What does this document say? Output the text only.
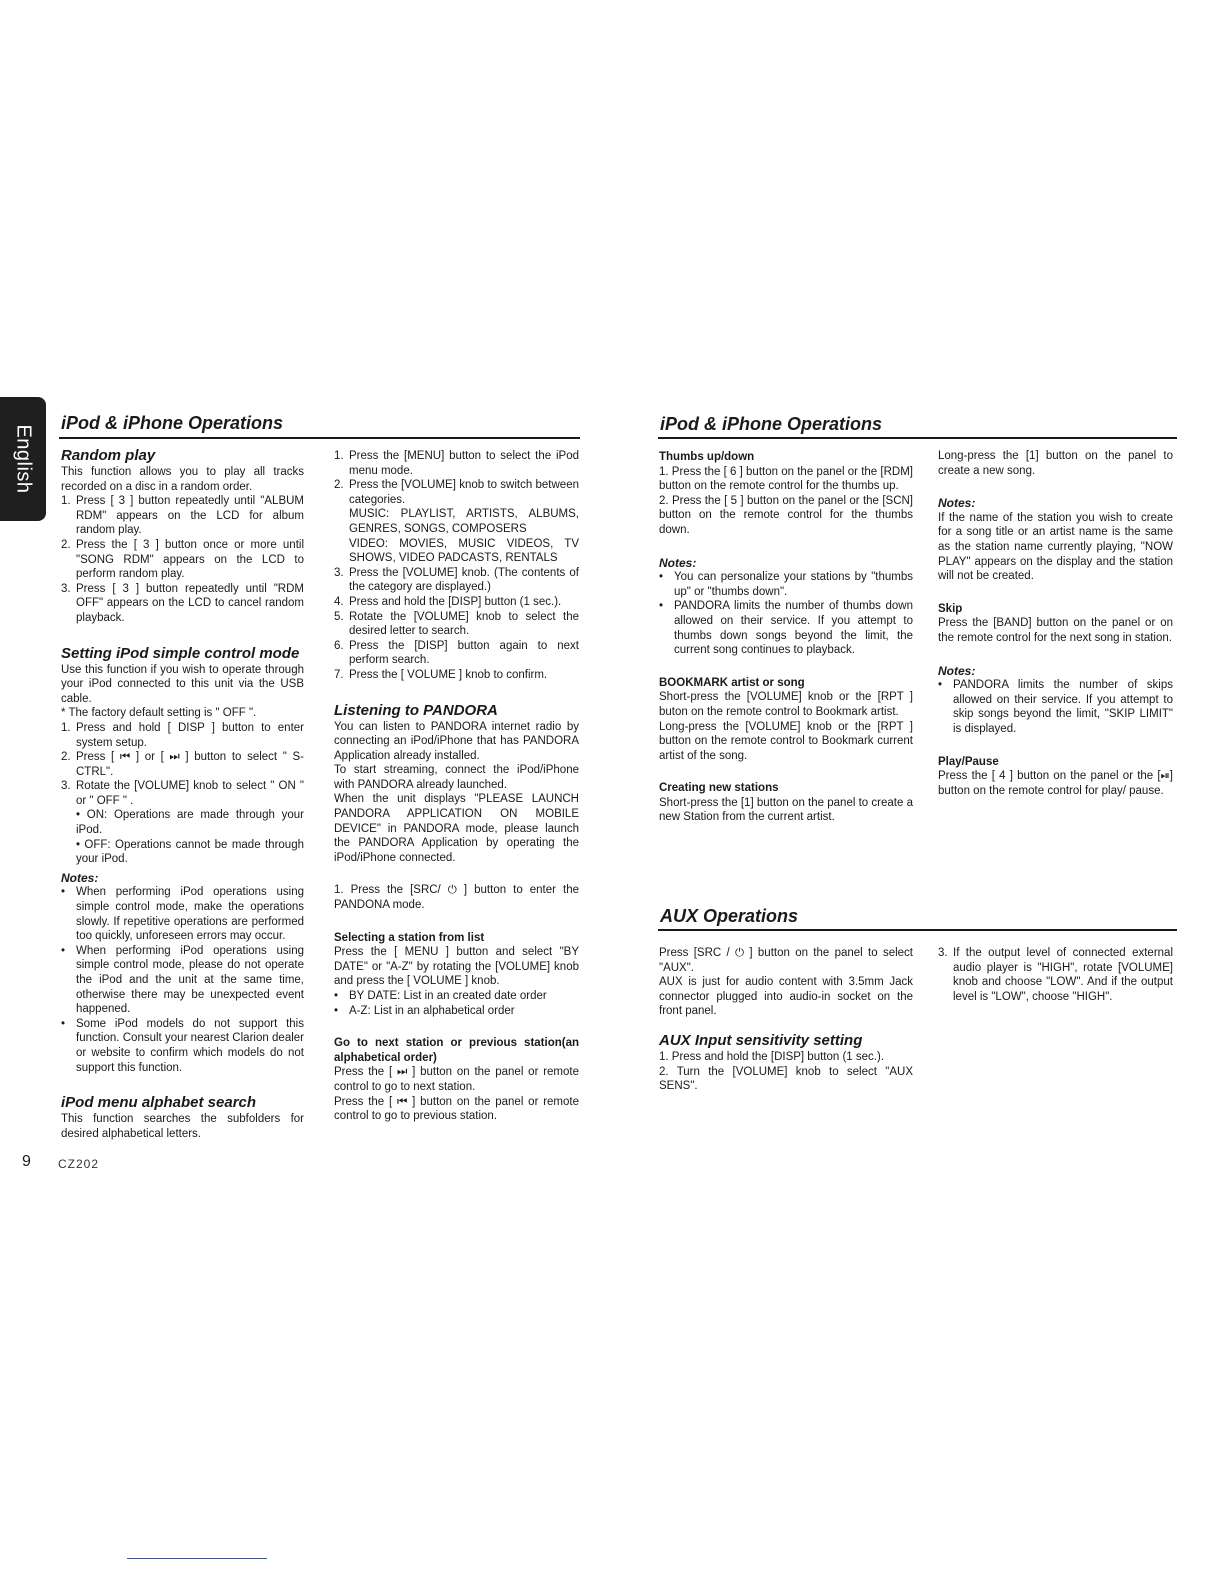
English
iPod & iPhone Operations	iPod & iPhone Operations
AUX Operations

Random play

This function allows you to play all tracks recorded on a disc in a random order.

1. Press [ 3 ] button repeatedly until "ALBUM RDM" appears on the LCD for album random play.
2. Press the [ 3 ] button once or more until "SONG RDM" appears on the LCD to perform random play.
3. Press [ 3 ] button repeatedly until "RDM OFF" appears on the LCD to cancel random playback.

Setting iPod simple control mode

Use this function if you wish to operate through your iPod connected to this unit via the USB cable.

* The factory default setting is " OFF ".

1. Press and hold [ DISP ] button to enter system setup.
2. Press [ ⏮ ] or [ ⏭ ] button to select " S-CTRL".
3. Rotate the [VOLUME] knob to select " ON " or " OFF " .

• ON: Operations are made through your iPod.

• OFF: Operations cannot be made through your iPod.

Notes:

• When performing iPod operations using simple control mode, make the operations slowly. If repetitive operations are performed too quickly, unforeseen errors may occur.
• When performing iPod operations using simple control mode, please do not operate the iPod and the unit at the same time, otherwise there may be unexpected event happened.
• Some iPod models do not support this function. Consult your nearest Clarion dealer or website to confirm which models do not support this function.

iPod menu alphabet search

This function searches the subfolders for desired alphabetical letters.

1. Press the [MENU] button to select the iPod menu mode.
2. Press the [VOLUME] knob to switch between categories.
MUSIC: PLAYLIST, ARTISTS, ALBUMS, GENRES, SONGS, COMPOSERS
VIDEO: MOVIES, MUSIC VIDEOS, TV SHOWS, VIDEO PADCASTS, RENTALS
3. Press the [VOLUME] knob. (The contents of the category are displayed.)
4. Press and hold the [DISP] button (1 sec.).
5. Rotate the [VOLUME] knob to select the desired letter to search.
6. Press the [DISP] button again to next perform search.
7. Press the [ VOLUME ] knob to confirm.

Listening to PANDORA

You can listen to PANDORA internet radio by connecting an iPod/iPhone that has PANDORA Application already installed.

To start streaming, connect the iPod/iPhone with PANDORA already launched.

When the unit displays "PLEASE LAUNCH PANDORA APPLICATION ON MOBILE DEVICE" in PANDORA mode, please launch the PANDORA Application by operating the iPod/iPhone connected.

1. Press the [SRC/ ⏻ ] button to enter the PANDONA mode.

Selecting a station from list

Press the [ MENU ] button and select "BY DATE" or "A-Z" by rotating the [VOLUME] knob and press the [ VOLUME ] knob.

• BY DATE: List in an created date order
• A-Z: List in an alphabetical order

Go to next station or previous station(an alphabetical order)

Press the [ ⏭ ] button on the panel or remote control to go to next station.

Press the [ ⏮ ] button on the panel or remote control to go to previous station.

Thumbs up/down

1. Press the [ 6 ] button on the panel or the [RDM] button on the remote control for the thumbs up.

2. Press the [ 5 ] button on the panel or the [SCN] button on the remote control for the thumbs down.

Notes:

• You can personalize your stations by "thumbs up" or "thumbs down".
• PANDORA limits the number of thumbs down allowed on their service. If you attempt to thumbs down songs beyond the limit, the current song continues to playback.

BOOKMARK artist or song

Short-press the [VOLUME] knob or the [RPT ] buton on the remote control to Bookmark artist.

Long-press the [VOLUME] knob or the [RPT ] button on the remote control to Bookmark current artist of the song.

Creating new stations

Short-press the [1] button on the panel to create a new Station from the current artist.

Long-press the [1] button on the panel to create a new song.

Notes:

If the name of the station you wish to create for a song title or an artist name is the same as the station name currently playing, "NOW PLAY" appears on the display and the station will not be created.

Skip

Press the [BAND] button on the panel or on the remote control for the next song in station.

Notes:

• PANDORA limits the number of skips allowed on their service. If you attempt to skip songs beyond the limit, "SKIP LIMIT" is displayed.

Play/Pause

Press the [ 4 ] button on the panel or the [⏯] button on the remote control for play/ pause.

Press [SRC / ⏻ ] button on the panel to select "AUX".

AUX is just for audio content with 3.5mm Jack connector plugged into audio-in socket on the front panel.

AUX Input sensitivity setting

1. Press and hold the [DISP] button (1 sec.).

2. Turn the [VOLUME] knob to select "AUX SENS".

3. If the output level of connected external audio player is "HIGH", rotate [VOLUME] knob and choose "LOW". And if the output level is "LOW", choose "HIGH".
9 CZ202
